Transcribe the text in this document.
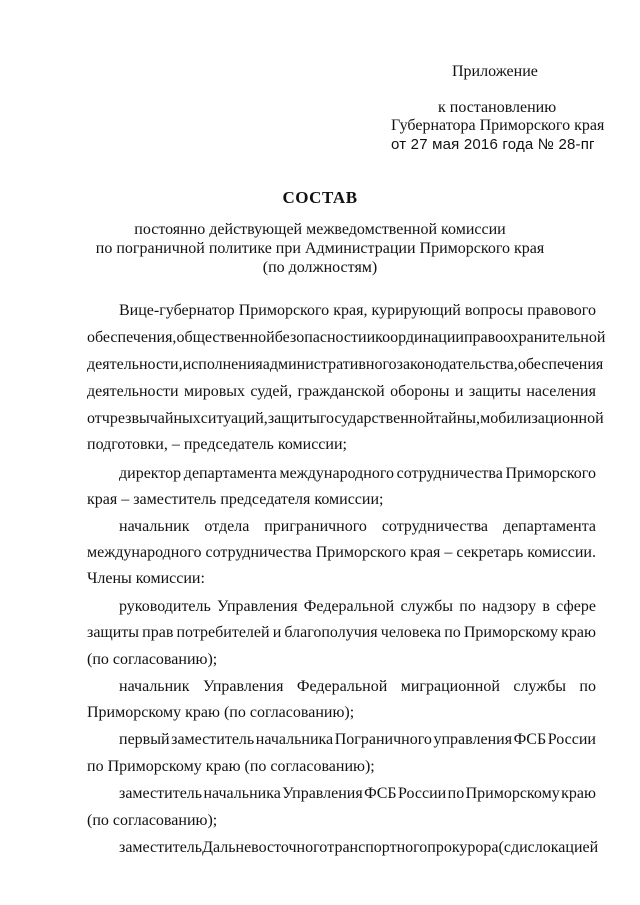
Приложение
к постановлению
Губернатора Приморского края
от 27 мая 2016 года № 28-пг
СОСТАВ
постоянно действующей межведомственной комиссии
по пограничной политике при Администрации Приморского края
(по должностям)
Вице-губернатор Приморского края, курирующий вопросы правового
обеспечения, общественной безопасности и координации правоохранительной
деятельности, исполнения административного законодательства, обеспечения
деятельности мировых судей, гражданской обороны и защиты населения
от чрезвычайных ситуаций, защиты государственной тайны, мобилизационной
подготовки, – председатель комиссии;
директор департамента международного сотрудничества Приморского
края – заместитель председателя комиссии;
начальник отдела приграничного сотрудничества департамента
международного сотрудничества Приморского края – секретарь комиссии.
Члены комиссии:
руководитель Управления Федеральной службы по надзору в сфере
защиты прав потребителей и благополучия человека по Приморскому краю
(по согласованию);
начальник Управления Федеральной миграционной службы по
Приморскому краю (по согласованию);
первый заместитель начальника Пограничного управления ФСБ России
по Приморскому краю (по согласованию);
заместитель начальника Управления ФСБ России по Приморскому краю
(по согласованию);
заместитель Дальневосточного транспортного прокурора (с дислокацией
